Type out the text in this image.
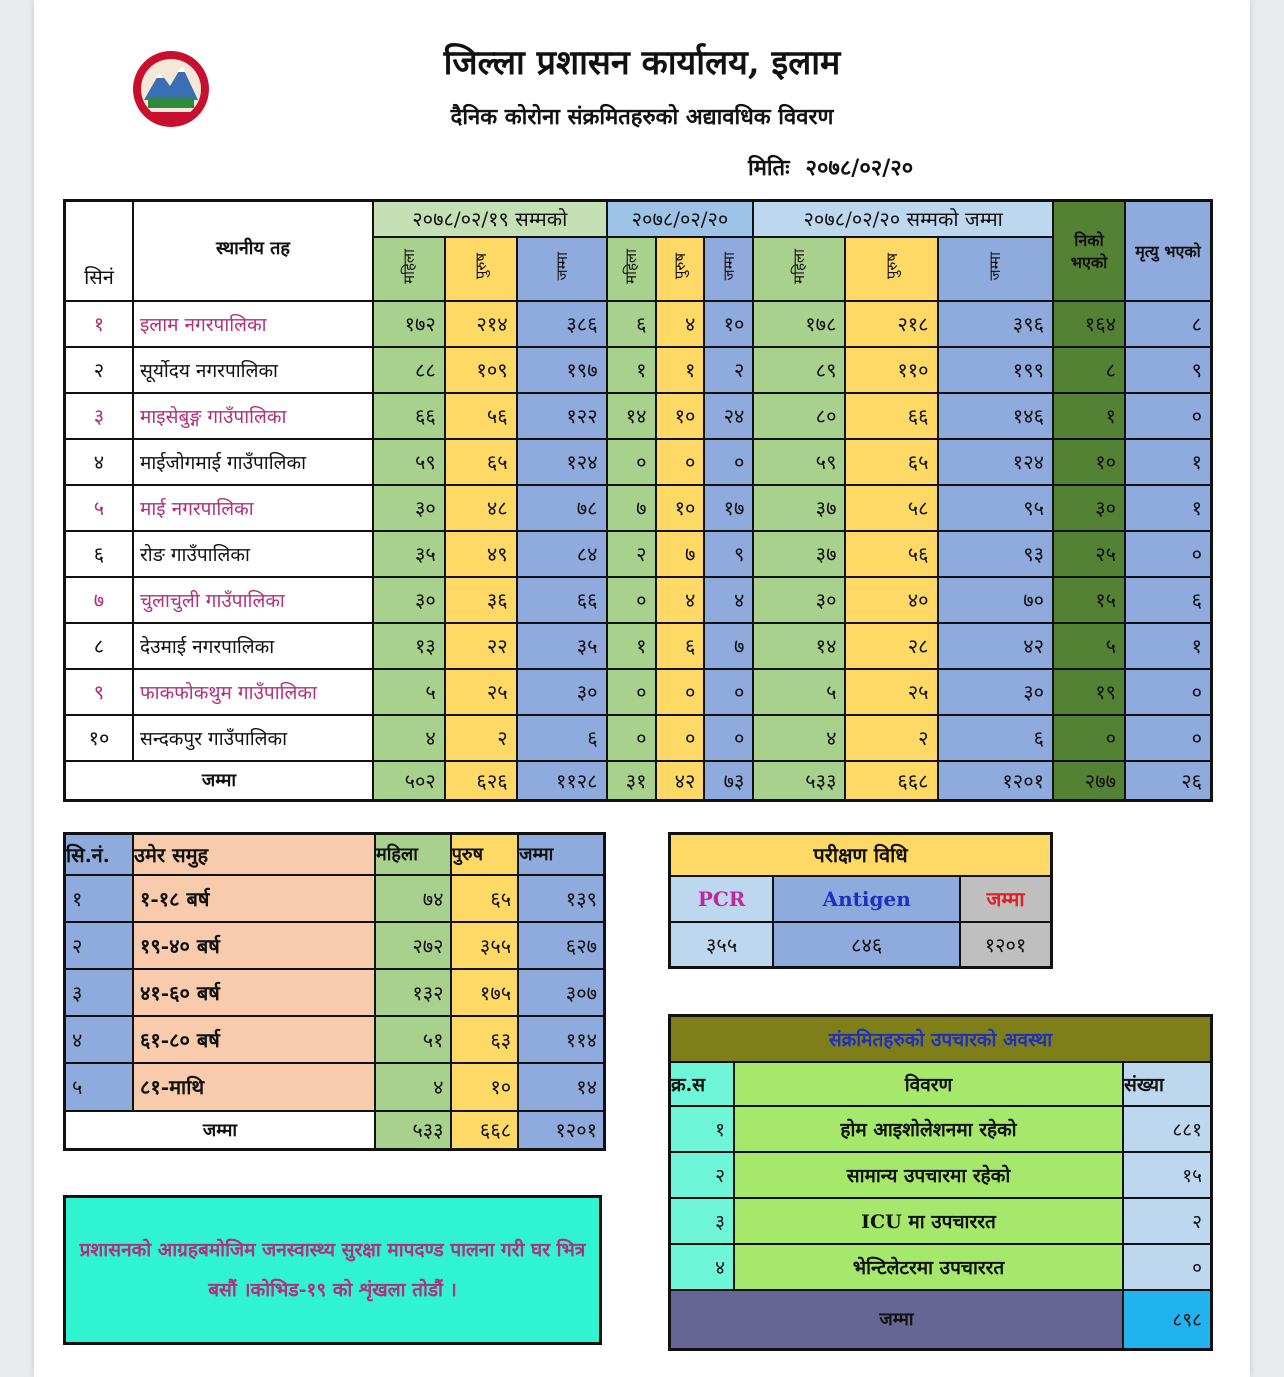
जिल्ला प्रशासन कार्यालय, इलाम
दैनिक कोरोना संक्रमितहरुको अद्यावधिक विवरण
मितिः २०७८/०२/२०
सिनं	स्थानीय तह	२०७८/०२/१९ सम्मको			२०७८/०२/२०			२०७८/०२/२० सम्मको जम्मा			निको भएको	मृत्यु भएको
		महिला	पुरुष	जम्मा	महिला	पुरुष	जम्मा	महिला	पुरुष	जम्मा		
१	इलाम नगरपालिका	१७२	२१४	३८६	६	४	१०	१७८	२१८	३९६	१६४	८
२	सूर्योदय नगरपालिका	८८	१०९	१९७	१	१	२	८९	११०	१९९	८	९
३	माइसेबुङ्ग गाउँपालिका	६६	५६	१२२	१४	१०	२४	८०	६६	१४६	१	०
४	माईजोगमाई गाउँपालिका	५९	६५	१२४	०	०	०	५९	६५	१२४	१०	१
५	माई नगरपालिका	३०	४८	७८	७	१०	१७	३७	५८	९५	३०	१
६	रोङ गाउँपालिका	३५	४९	८४	२	७	९	३७	५६	९३	२५	०
७	चुलाचुली गाउँपालिका	३०	३६	६६	०	४	४	३०	४०	७०	१५	६
८	देउमाई नगरपालिका	१३	२२	३५	१	६	७	१४	२८	४२	५	१
९	फाकफोकथुम गाउँपालिका	५	२५	३०	०	०	०	५	२५	३०	१९	०
१०	सन्दकपुर गाउँपालिका	४	२	६	०	०	०	४	२	६	०	०
जम्मा		५०२	६२६	११२८	३१	४२	७३	५३३	६६८	१२०१	२७७	२६
सि.नं.	उमेर समुह	महिला	पुरुष	जम्मा
१	१-१८ बर्ष	७४	६५	१३९
२	१९-४० बर्ष	२७२	३५५	६२७
३	४१-६० बर्ष	१३२	१७५	३०७
४	६१-८० बर्ष	५१	६३	११४
५	८१-माथि	४	१०	१४
जम्मा		५३३	६६८	१२०१
परीक्षण विधि		
PCR	Antigen	जम्मा
३५५	८४६	१२०१
संक्रमितहरुको उपचारको अवस्था		
क्र.स	विवरण	संख्या
१	होम आइशोलेशनमा रहेको	८८१
२	सामान्य उपचारमा रहेको	१५
३	ICU मा उपचाररत	२
४	भेन्टिलेटरमा उपचाररत	०
जम्मा		८९८
प्रशासनको आग्रहबमोजिम जनस्वास्थ्य सुरक्षा मापदण्ड पालना गरी घर भित्र बसौं ।कोभिड-१९ को शृंखला तोडौं ।
